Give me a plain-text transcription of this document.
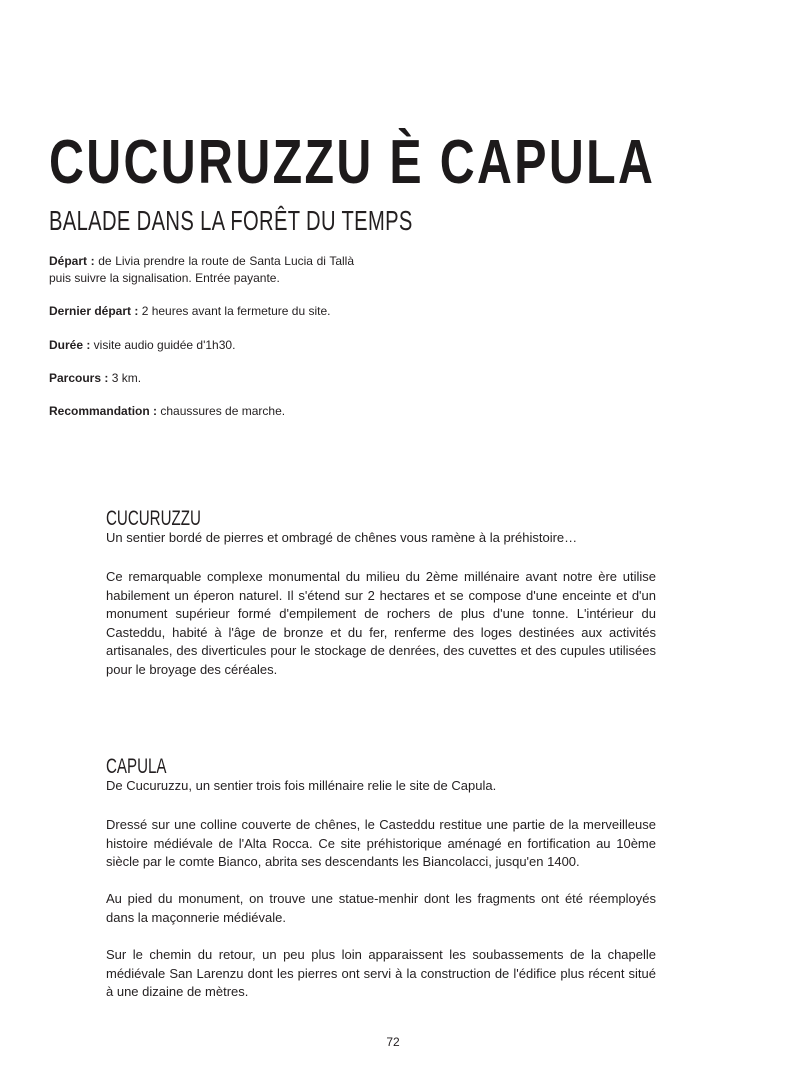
CUCURUZZU È CAPULA
BALADE DANS LA FORÊT DU TEMPS

Départ : de Livia prendre la route de Santa Lucia di Tallà puis suivre la signalisation. Entrée payante.

Dernier départ : 2 heures avant la fermeture du site.

Durée : visite audio guidée d'1h30.

Parcours : 3 km.

Recommandation : chaussures de marche.

CUCURUZZU

Un sentier bordé de pierres et ombragé de chênes vous ramène à la préhistoire…

Ce remarquable complexe monumental du milieu du 2ème millénaire avant notre ère utilise habilement un éperon naturel. Il s'étend sur 2 hectares et se compose d'une enceinte et d'un monument supérieur formé d'empilement de rochers de plus d'une tonne. L'intérieur du Casteddu, habité à l'âge de bronze et du fer, renferme des loges destinées aux activités artisanales, des diverticules pour le stockage de denrées, des cuvettes et des cupules utilisées pour le broyage des céréales.

CAPULA

De Cucuruzzu, un sentier trois fois millénaire relie le site de Capula.

Dressé sur une colline couverte de chênes, le Casteddu restitue une partie de la merveilleuse histoire médiévale de l'Alta Rocca. Ce site préhistorique aménagé en fortification au 10ème siècle par le comte Bianco, abrita ses descendants les Biancolacci, jusqu'en 1400.

Au pied du monument, on trouve une statue-menhir dont les fragments ont été réemployés dans la maçonnerie médiévale.

Sur le chemin du retour, un peu plus loin apparaissent les soubassements de la chapelle médiévale San Larenzu dont les pierres ont servi à la construction de l'édifice plus récent situé à une dizaine de mètres.

72
